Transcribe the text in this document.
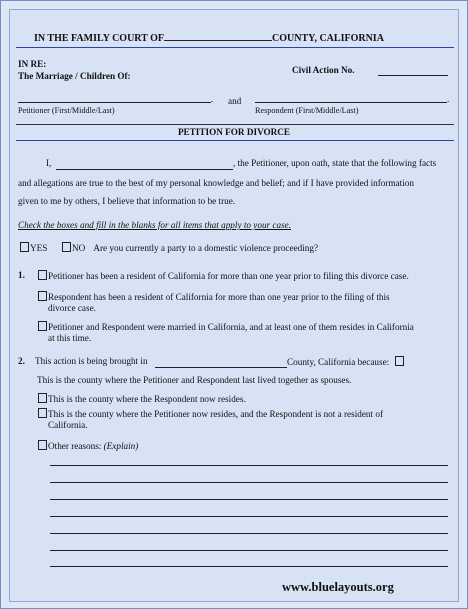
IN THE FAMILY COURT OF	COUNTY, CALIFORNIA
IN RE:
The Marriage / Children Of:
Civil Action No.
. and	.
Petitioner (First/Middle/Last)	Respondent (First/Middle/Last)
PETITION FOR DIVORCE
I,	, the Petitioner, upon oath, state that the following facts
and allegations are true to the best of my personal knowledge and belief; and if I have provided information
given to me by others, I believe that information to be true.
Check the boxes and fill in the blanks for all items that apply to your case.
YES	NO Are you currently a party to a domestic violence proceeding?
1.	Petitioner has been a resident of California for more than one year prior to filing this divorce case.
Respondent has been a resident of California for more than one year prior to the filing of this
divorce case.
Petitioner and Respondent were married in California, and at least one of them resides in California
at this time.
2. This action is being brought in	County, California because:
This is the county where the Petitioner and Respondent last lived together as spouses.
This is the county where the Respondent now resides.
This is the county where the Petitioner now resides, and the Respondent is not a resident of
California.
Other reasons: (Explain)
www.bluelayouts.org
